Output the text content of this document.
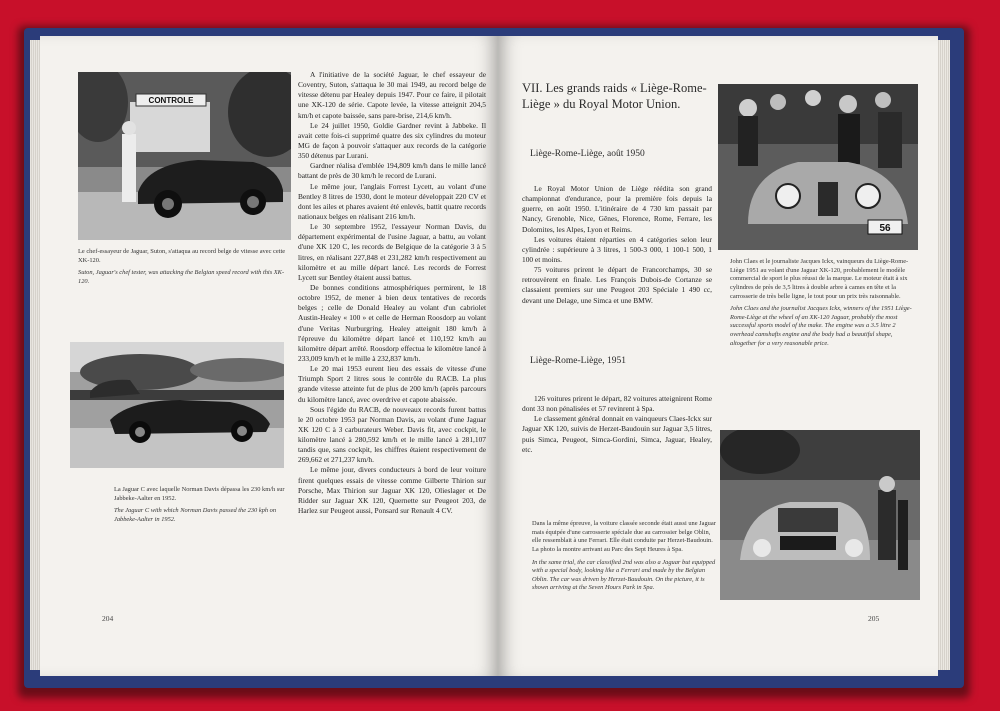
CONTROLE
Le chef-essayeur de Jaguar, Suton, s'attaqua au record belge de vitesse avec cette XK-120.
Suton, Jaguar's chef tester, was attacking the Belgian speed record with this XK-120.
La Jaguar C avec laquelle Norman Davis dépassa les 230 km/h sur Jabbeke-Aalter en 1952.
The Jaguar C with which Norman Davis passed the 230 kph on Jabbeke-Aalter in 1952.

A l'initiative de la société Jaguar, le chef essayeur de Coventry, Suton, s'attaqua le 30 mai 1949, au record belge de vitesse détenu par Healey depuis 1947. Pour ce faire, il pilotait une XK-120 de série. Capote levée, la vitesse atteignit 204,5 km/h et capote baissée, sans pare-brise, 214,6 km/h.

Le 24 juillet 1950, Goldie Gardner revint à Jabbeke. Il avait cette fois-ci supprimé quatre des six cylindres du moteur MG de façon à pouvoir s'attaquer aux records de la catégorie 350 détenus par Lurani.

Gardner réalisa d'emblée 194,809 km/h dans le mille lancé battant de près de 30 km/h le record de Lurani.

Le même jour, l'anglais Forrest Lycett, au volant d'une Bentley 8 litres de 1930, dont le moteur développait 220 CV et dont les ailes et phares avaient été enlevés, battit quatre records nationaux belges en réalisant 216 km/h.

Le 30 septembre 1952, l'essayeur Norman Davis, du département expérimental de l'usine Jaguar, a battu, au volant d'une XK 120 C, les records de Belgique de la catégorie 3 à 5 litres, en réalisant 227,848 et 231,282 km/h respectivement au kilomètre et au mille départ lancé. Les records de Forrest Lycett sur Bentley étaient aussi battus.

De bonnes conditions atmosphériques permirent, le 18 octobre 1952, de mener à bien deux tentatives de records belges ; celle de Donald Healey au volant d'un cabriolet Austin-Healey « 100 » et celle de Herman Roosdorp au volant d'une Veritas Nurburgring. Healey atteignit 180 km/h à l'épreuve du kilomètre départ lancé et 110,192 km/h au kilomètre départ arrêté. Roosdorp effectua le kilomètre lancé à 233,009 km/h et le mille à 232,837 km/h.

Le 20 mai 1953 eurent lieu des essais de vitesse d'une Triumph Sport 2 litres sous le contrôle du RACB. La plus grande vitesse atteinte fut de plus de 200 km/h (après parcours du kilomètre lancé, avec overdrive et capote abaissée.

Sous l'égide du RACB, de nouveaux records furent battus le 20 octobre 1953 par Norman Davis, au volant d'une Jaguar XK 120 C à 3 carburateurs Weber. Davis fit, avec cockpit, le kilomètre lancé à 280,592 km/h et le mille lancé à 281,107 tandis que, sans cockpit, les chiffres étaient respectivement de 269,662 et 271,237 km/h.

Le même jour, divers conducteurs à bord de leur voiture firent quelques essais de vitesse comme Gilberte Thirion sur Porsche, Max Thirion sur Jaguar XK 120, Olieslager et De Ridder sur Jaguar XK 120, Quernette sur Peugeot 203, de Harlez sur Peugeot aussi, Ponsard sur Renault 4 CV.

204
VII. Les grands raids « Liège-Rome-Liège » du Royal Motor Union.
Liège-Rome-Liège, août 1950

Le Royal Motor Union de Liège réédita son grand championnat d'endurance, pour la première fois depuis la guerre, en août 1950. L'itinéraire de 4 730 km passait par Nancy, Grenoble, Nice, Gênes, Florence, Rome, Ferrare, les Dolomites, les Alpes, Lyon et Reims.

Les voitures étaient réparties en 4 catégories selon leur cylindrée : supérieure à 3 litres, 1 500-3 000, 1 100-1 500, 1 100 et moins.

75 voitures prirent le départ de Francorchamps, 30 se retrouvèrent en finale. Les François Dubois-de Cortanze se classaient premiers sur une Peugeot 203 Spéciale 1 490 cc, devant une Delage, une Simca et une BMW.

Liège-Rome-Liège, 1951

126 voitures prirent le départ, 82 voitures atteignirent Rome dont 33 non pénalisées et 57 revinrent à Spa.

Le classement général donnait en vainqueurs Claes-Ickx sur Jaguar XK 120, suivis de Herzet-Baudouin sur Jaguar 3,5 litres, puis Simca, Peugeot, Simca-Gordini, Simca, Jaguar, Healey, etc.

56
John Claes et le journaliste Jacques Ickx, vainqueurs du Liège-Rome-Liège 1951 au volant d'une Jaguar XK-120, probablement le modèle commercial de sport le plus réussi de la marque. Le moteur était à six cylindres de près de 3,5 litres à double arbre à cames en tête et la carrosserie de très belle ligne, le tout pour un prix très raisonnable.
John Claes and the journalist Jacques Ickx, winners of the 1951 Liège-Rome-Liège at the wheel of an XK-120 Jaguar, probably the most successful sports model of the make. The engine was a 3.5 litre 2 overhead camshafts engine and the body had a beautiful shape, altogether for a very reasonable price.
Dans la même épreuve, la voiture classée seconde était aussi une Jaguar mais équipée d'une carrosserie spéciale due au carrossier belge Oblin, elle ressemblait à une Ferrari. Elle était conduite par Herzet-Baudouin. La photo la montre arrivant au Parc des Sept Heures à Spa.
In the same trial, the car classified 2nd was also a Jaguar but equipped with a special body, looking like a Ferrari and made by the Belgian Oblin. The car was driven by Herzet-Baudouin. On the picture, it is shown arriving at the Seven Hours Park in Spa.
205
